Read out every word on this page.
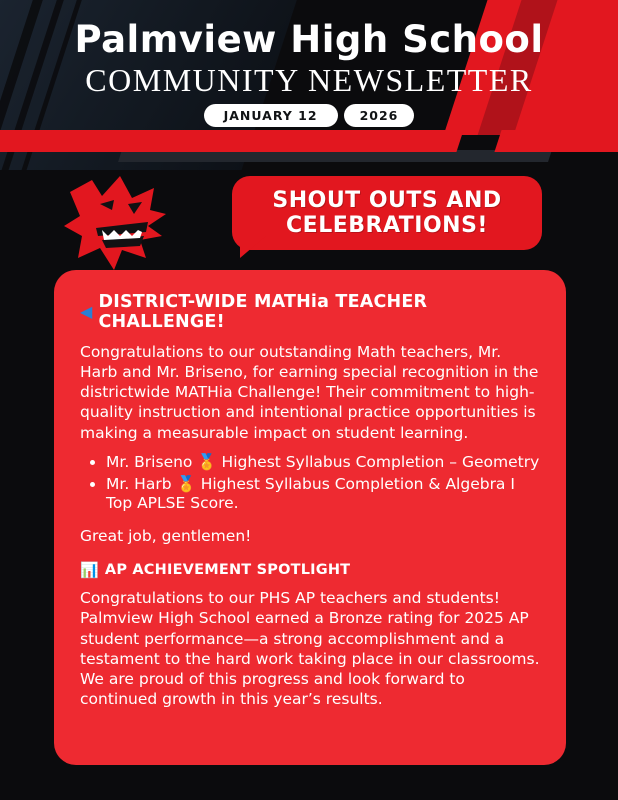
Palmview High School
COMMUNITY NEWSLETTER
JANUARY 12	2026
SHOUT OUTS AND
CELEBRATIONS!
◀ DISTRICT-WIDE MATHia TEACHER CHALLENGE!

Congratulations to our outstanding Math teachers, Mr. Harb and Mr. Briseno, for earning special recognition in the districtwide MATHia Challenge! Their commitment to high-quality instruction and intentional practice opportunities is making a measurable impact on student learning.

• Mr. Briseno 🏅 Highest Syllabus Completion – Geometry
• Mr. Harb 🏅 Highest Syllabus Completion & Algebra I Top APLSE Score.

Great job, gentlemen!

📊 AP ACHIEVEMENT SPOTLIGHT

Congratulations to our PHS AP teachers and students! Palmview High School earned a Bronze rating for 2025 AP student performance—a strong accomplishment and a testament to the hard work taking place in our classrooms. We are proud of this progress and look forward to continued growth in this year’s results.
